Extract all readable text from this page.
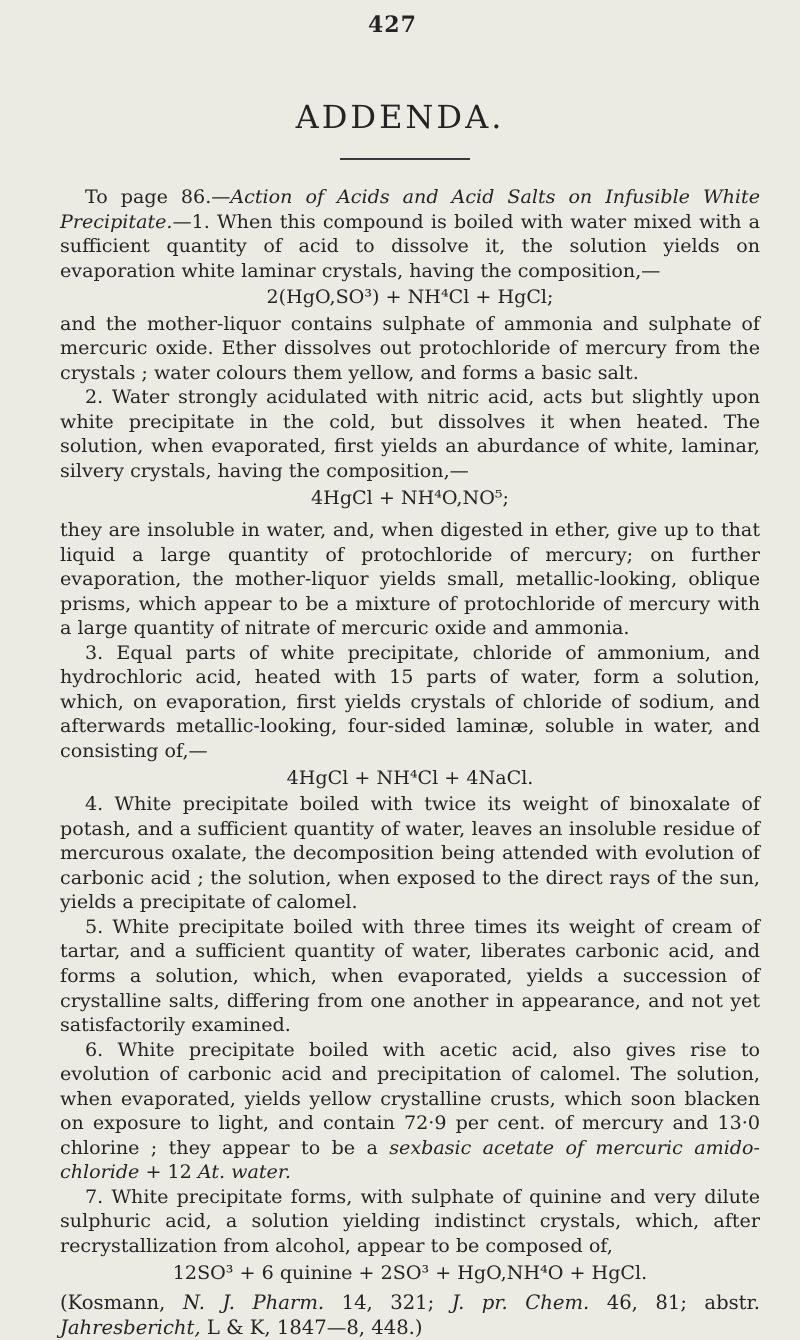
427
ADDENDA.

To page 86.—Action of Acids and Acid Salts on Infusible White Precipitate.—1. When this compound is boiled with water mixed with a sufficient quantity of acid to dissolve it, the solution yields on evaporation white laminar crystals, having the composition,—

2(HgO,SO³) + NH⁴Cl + HgCl;

and the mother-liquor contains sulphate of ammonia and sulphate of mercuric oxide. Ether dissolves out protochloride of mercury from the crystals ; water colours them yellow, and forms a basic salt.

2. Water strongly acidulated with nitric acid, acts but slightly upon white precipitate in the cold, but dissolves it when heated. The solution, when evaporated, first yields an aburdance of white, laminar, silvery crystals, having the composition,—

4HgCl + NH⁴O,NO⁵;

they are insoluble in water, and, when digested in ether, give up to that liquid a large quantity of protochloride of mercury; on further evaporation, the mother-liquor yields small, metallic-looking, oblique prisms, which appear to be a mixture of protochloride of mercury with a large quantity of nitrate of mercuric oxide and ammonia.

3. Equal parts of white precipitate, chloride of ammonium, and hydrochloric acid, heated with 15 parts of water, form a solution, which, on evaporation, first yields crystals of chloride of sodium, and afterwards metallic-looking, four-sided laminæ, soluble in water, and consisting of,—

4HgCl + NH⁴Cl + 4NaCl.

4. White precipitate boiled with twice its weight of binoxalate of potash, and a sufficient quantity of water, leaves an insoluble residue of mercurous oxalate, the decomposition being attended with evolution of carbonic acid ; the solution, when exposed to the direct rays of the sun, yields a precipitate of calomel.

5. White precipitate boiled with three times its weight of cream of tartar, and a sufficient quantity of water, liberates carbonic acid, and forms a solution, which, when evaporated, yields a succession of crystalline salts, differing from one another in appearance, and not yet satisfactorily examined.

6. White precipitate boiled with acetic acid, also gives rise to evolution of carbonic acid and precipitation of calomel. The solution, when evaporated, yields yellow crystalline crusts, which soon blacken on exposure to light, and contain 72·9 per cent. of mercury and 13·0 chlorine ; they appear to be a sexbasic acetate of mercuric amido-chloride + 12 At. water.

7. White precipitate forms, with sulphate of quinine and very dilute sulphuric acid, a solution yielding indistinct crystals, which, after recrystallization from alcohol, appear to be composed of,

12SO³ + 6 quinine + 2SO³ + HgO,NH⁴O + HgCl.

(Kosmann, N. J. Pharm. 14, 321; J. pr. Chem. 46, 81; abstr. Jahresbericht, L & K, 1847—8, 448.)
